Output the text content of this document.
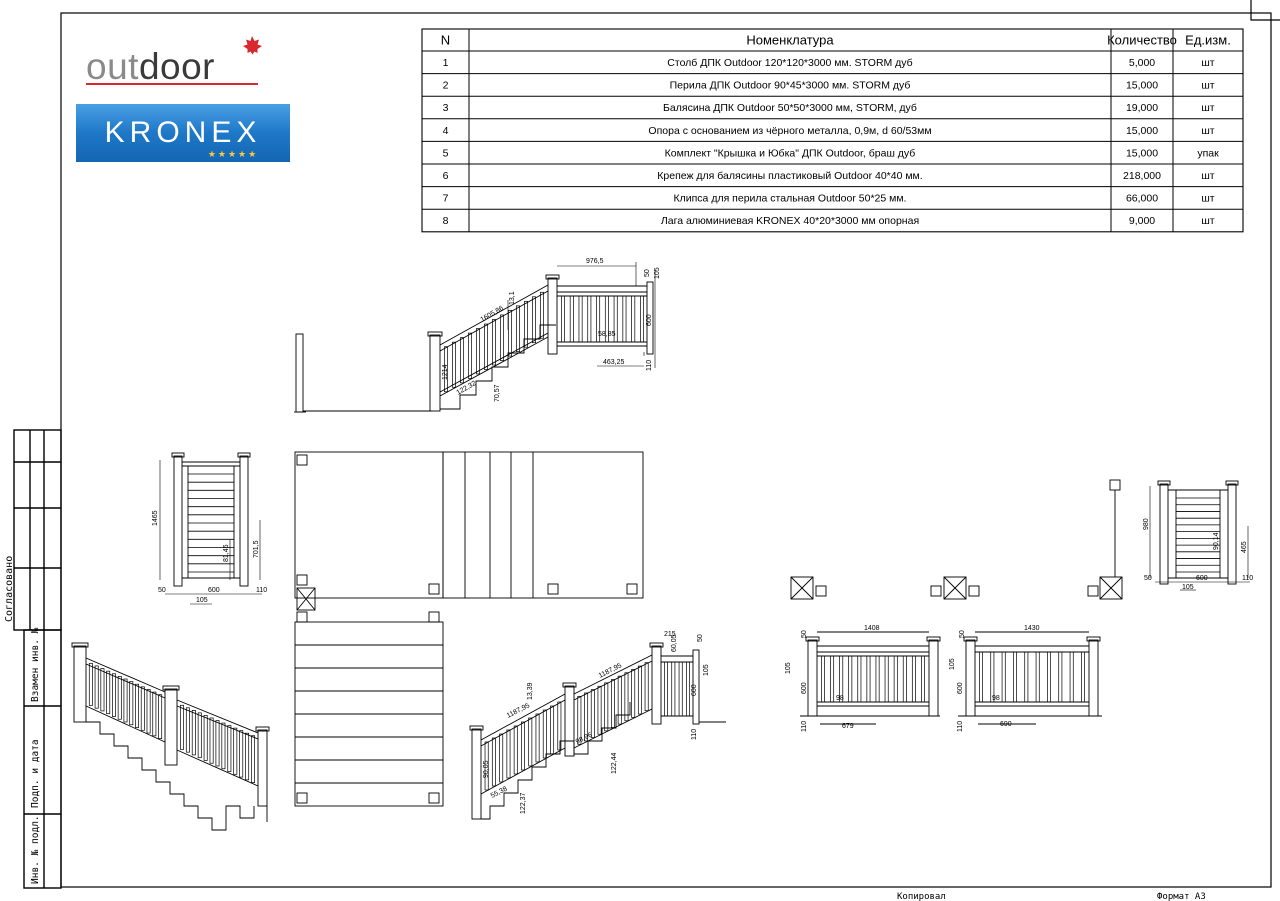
outdoor
KRONEX
★★★★★
N	Номенклатура	Количество Ед.изм.
1	Столб ДПК Outdoor 120*120*3000 мм. STORM дуб	5,000	шт
2	Перила ДПК Outdoor 90*45*3000 мм. STORM дуб	15,000	шт
3	Балясина ДПК Outdoor 50*50*3000 мм, STORM, дуб	19,000	шт
4	Опора с основанием из чёрного металла, 0,9м, d 60/53мм	15,000	шт
5	Комплект "Крышка и Юбка" ДПК Outdoor, браш дуб	15,000	упак
6	Крепеж для балясины пластиковый Outdoor 40*40 мм.	218,000	шт
7	Клипса для перила стальная Outdoor 50*25 мм.	66,000	шт
8	Лага алюминиевая KRONEX 40*20*3000 мм опорная	9,000	шт
Согласовано
Взамен инв. №
Подп. и дата
Инв. № подл.
Копировал	Формат А3
976,5
50 105
1605,86
13,1
600
58,85
463,25	110
122,32 70,57
1214
1465
701,5
81,45
50
105
600	110
980
90,14	465
50	600
105
110
215	50
105
600
110
1187,95
1187,95
13,39
122,44
122,37
55,38
98,96
90,05
60,05
1408
50
105
600
110
98
679
1430
50
105
600
110
98
690
